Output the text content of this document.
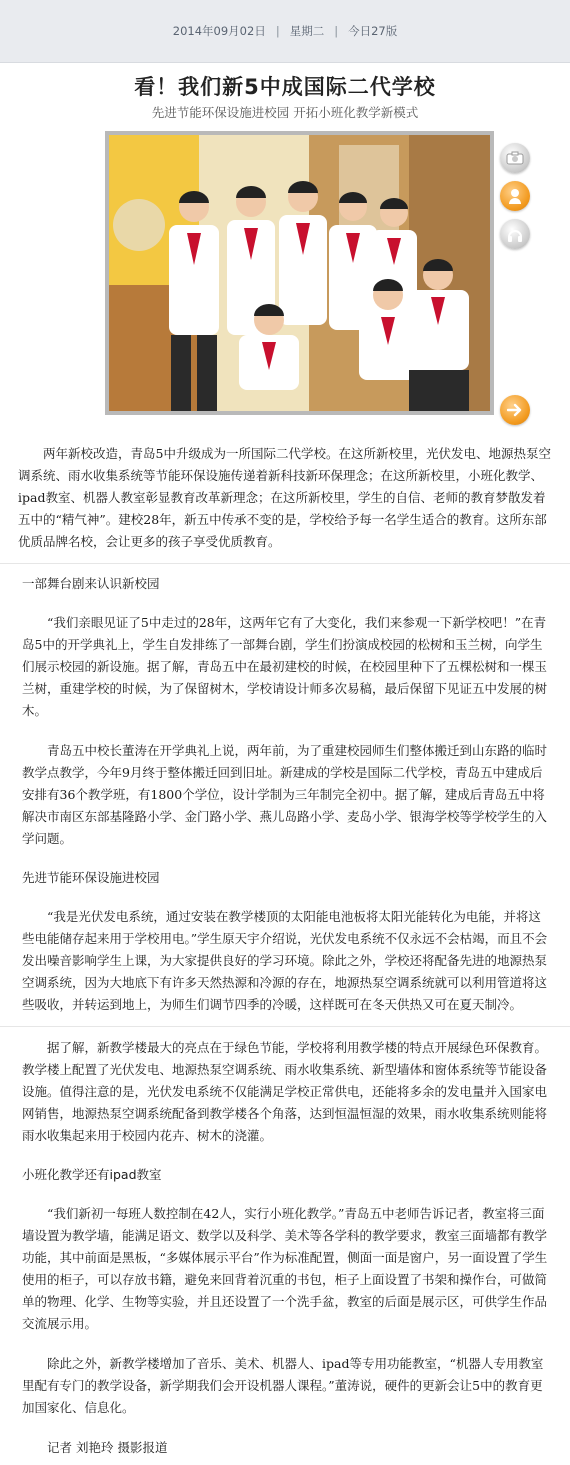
2014年09月02日 | 星期二 | 今日27版
看！我们新5中成国际二代学校
先进节能环保设施进校园 开拓小班化教学新模式

两年新校改造，青岛5中升级成为一所国际二代学校。在这所新校里，光伏发电、地源热泵空调系统、雨水收集系统等节能环保设施传递着新科技新环保理念；在这所新校里，小班化教学、ipad教室、机器人教室彰显教育改革新理念；在这所新校里，学生的自信、老师的教育梦散发着五中的“精气神”。建校28年，新五中传承不变的是，学校给予每一名学生适合的教育。这所东部优质品牌名校，会让更多的孩子享受优质教育。

一部舞台剧来认识新校园

“我们亲眼见证了5中走过的28年，这两年它有了大变化，我们来参观一下新学校吧！”在青岛5中的开学典礼上，学生自发排练了一部舞台剧，学生们扮演成校园的松树和玉兰树，向学生们展示校园的新设施。据了解，青岛五中在最初建校的时候，在校园里种下了五棵松树和一棵玉兰树，重建学校的时候，为了保留树木，学校请设计师多次易稿，最后保留下见证五中发展的树木。

青岛五中校长董涛在开学典礼上说，两年前，为了重建校园师生们整体搬迁到山东路的临时教学点教学，今年9月终于整体搬迁回到旧址。新建成的学校是国际二代学校，青岛五中建成后安排有36个教学班，有1800个学位，设计学制为三年制完全初中。据了解，建成后青岛五中将解决市南区东部基隆路小学、金门路小学、燕儿岛路小学、麦岛小学、银海学校等学校学生的入学问题。

先进节能环保设施进校园

“我是光伏发电系统，通过安装在教学楼顶的太阳能电池板将太阳光能转化为电能，并将这些电能储存起来用于学校用电。”学生原天宇介绍说，光伏发电系统不仅永远不会枯竭，而且不会发出噪音影响学生上课，为大家提供良好的学习环境。除此之外，学校还将配备先进的地源热泵空调系统，因为大地底下有许多天然热源和冷源的存在，地源热泵空调系统就可以利用管道将这些吸收，并转运到地上，为师生们调节四季的冷暖，这样既可在冬天供热又可在夏天制冷。

据了解，新教学楼最大的亮点在于绿色节能，学校将利用教学楼的特点开展绿色环保教育。教学楼上配置了光伏发电、地源热泵空调系统、雨水收集系统、新型墙体和窗体系统等节能设备设施。值得注意的是，光伏发电系统不仅能满足学校正常供电，还能将多余的发电量并入国家电网销售，地源热泵空调系统配备到教学楼各个角落，达到恒温恒湿的效果，雨水收集系统则能将雨水收集起来用于校园内花卉、树木的浇灌。

小班化教学还有ipad教室

“我们新初一每班人数控制在42人，实行小班化教学。”青岛五中老师告诉记者，教室将三面墙设置为教学墙，能满足语文、数学以及科学、美术等各学科的教学要求，教室三面墙都有教学功能，其中前面是黑板，“多媒体展示平台”作为标准配置，侧面一面是窗户，另一面设置了学生使用的柜子，可以存放书籍，避免来回背着沉重的书包，柜子上面设置了书架和操作台，可做简单的物理、化学、生物等实验，并且还设置了一个洗手盆，教室的后面是展示区，可供学生作品交流展示用。

除此之外，新教学楼增加了音乐、美术、机器人、ipad等专用功能教室，“机器人专用教室里配有专门的教学设备，新学期我们会开设机器人课程。”董涛说，硬件的更新会让5中的教育更加国家化、信息化。

记者 刘艳玲 摄影报道
